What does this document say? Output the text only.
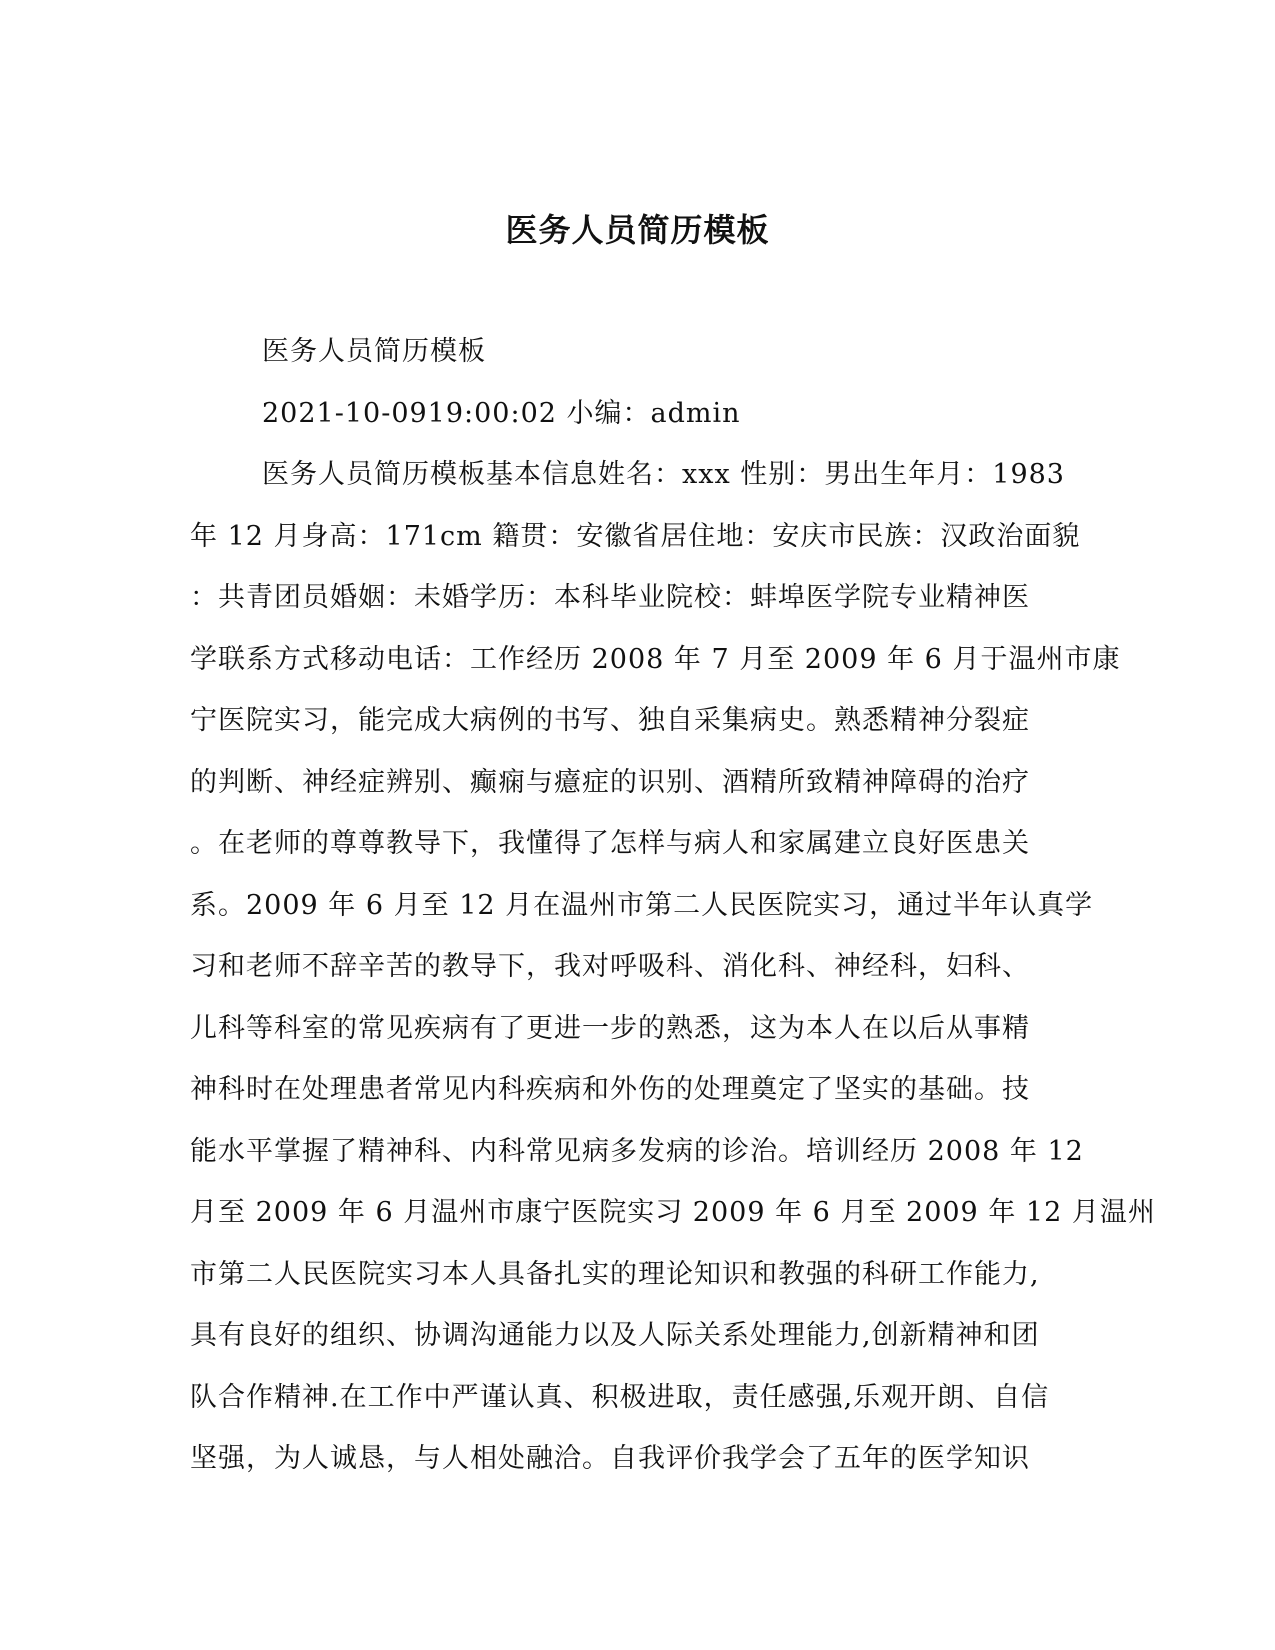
医务人员简历模板
医务人员简历模板
2021-10-0919:00:02 小编：admin
医务人员简历模板基本信息姓名：xxx 性别：男出生年月：1983
年 12 月身高：171cm 籍贯：安徽省居住地：安庆市民族：汉政治面貌
：共青团员婚姻：未婚学历：本科毕业院校：蚌埠医学院专业精神医
学联系方式移动电话：工作经历 2008 年 7 月至 2009 年 6 月于温州市康
宁医院实习，能完成大病例的书写、独自采集病史。熟悉精神分裂症
的判断、神经症辨别、癫痫与癔症的识别、酒精所致精神障碍的治疗
。在老师的尊尊教导下，我懂得了怎样与病人和家属建立良好医患关
系。2009 年 6 月至 12 月在温州市第二人民医院实习，通过半年认真学
习和老师不辞辛苦的教导下，我对呼吸科、消化科、神经科，妇科、
儿科等科室的常见疾病有了更进一步的熟悉，这为本人在以后从事精
神科时在处理患者常见内科疾病和外伤的处理奠定了坚实的基础。技
能水平掌握了精神科、内科常见病多发病的诊治。培训经历 2008 年 12
月至 2009 年 6 月温州市康宁医院实习 2009 年 6 月至 2009 年 12 月温州
市第二人民医院实习本人具备扎实的理论知识和教强的科研工作能力,
具有良好的组织、协调沟通能力以及人际关系处理能力,创新精神和团
队合作精神.在工作中严谨认真、积极进取，责任感强,乐观开朗、自信
坚强，为人诚恳，与人相处融洽。自我评价我学会了五年的医学知识
